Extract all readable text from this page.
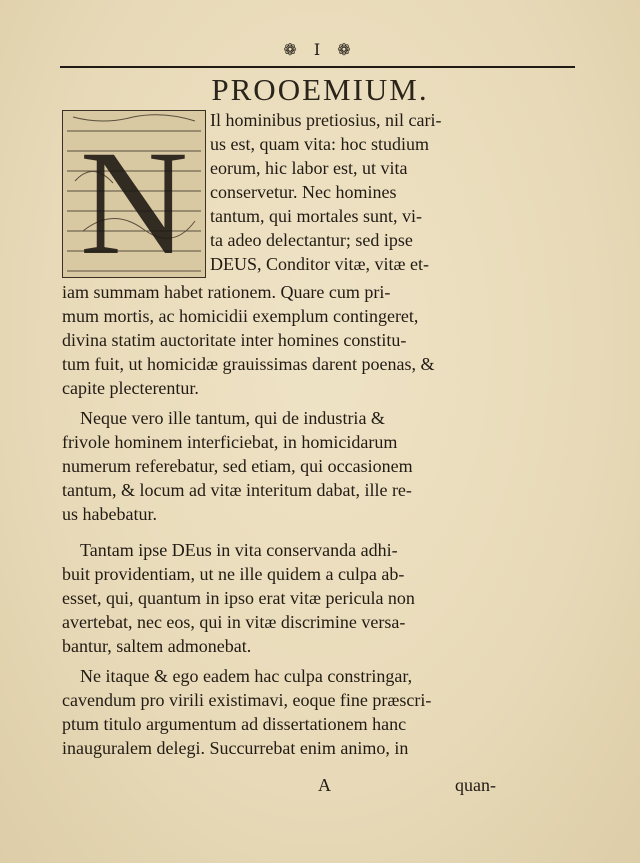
❁ I ❁
PROOEMIUM.
N Il hominibus pretiosius, nil cari-
us est, quam vita: hoc studium
eorum, hic labor est, ut vita
conservetur. Nec homines
tantum, qui mortales sunt, vi-
ta adeo delectantur; sed ipse
DEUS, Conditor vitæ, vitæ et-
iam summam habet rationem. Quare cum pri-
mum mortis, ac homicidii exemplum contingeret,
divina statim auctoritate inter homines constitu-
tum fuit, ut homicidæ grauissimas darent poenas, &
capite plecterentur.
Neque vero ille tantum, qui de industria &
frivole hominem interficiebat, in homicidarum
numerum referebatur, sed etiam, qui occasionem
tantum, & locum ad vitæ interitum dabat, ille re-
us habebatur.
Tantam ipse DEus in vita conservanda adhi-
buit providentiam, ut ne ille quidem a culpa ab-
esset, qui, quantum in ipso erat vitæ pericula non
avertebat, nec eos, qui in vitæ discrimine versa-
bantur, saltem admonebat.
Ne itaque & ego eadem hac culpa constringar,
cavendum pro virili existimavi, eoque fine præscri-
ptum titulo argumentum ad dissertationem hanc
inauguralem delegi. Succurrebat enim animo, in
A	quan-
